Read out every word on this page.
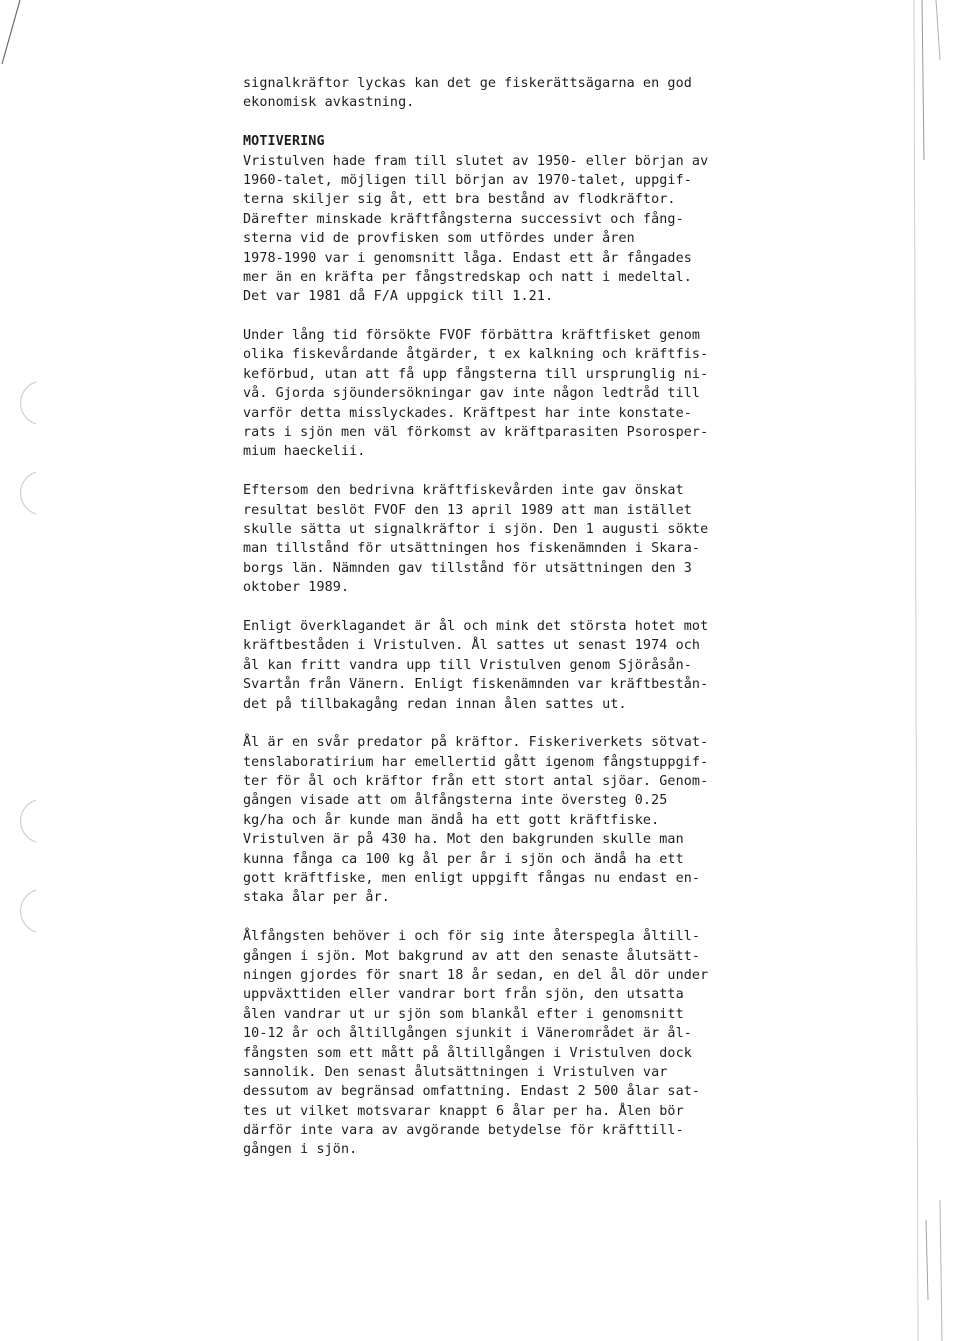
signalkräftor lyckas kan det ge fiskerättsägarna en god
ekonomisk avkastning.
MOTIVERING
Vristulven hade fram till slutet av 1950- eller början av
1960-talet, möjligen till början av 1970-talet, uppgif-
terna skiljer sig åt, ett bra bestånd av flodkräftor.
Därefter minskade kräftfångsterna successivt och fång-
sterna vid de provfisken som utfördes under åren
1978-1990 var i genomsnitt låga. Endast ett år fångades
mer än en kräfta per fångstredskap och natt i medeltal.
Det var 1981 då F/A uppgick till 1.21.
Under lång tid försökte FVOF förbättra kräftfisket genom
olika fiskevårdande åtgärder, t ex kalkning och kräftfis-
keförbud, utan att få upp fångsterna till ursprunglig ni-
vå. Gjorda sjöundersökningar gav inte någon ledtråd till
varför detta misslyckades. Kräftpest har inte konstate-
rats i sjön men väl förkomst av kräftparasiten Psorosper-
mium haeckelii.
Eftersom den bedrivna kräftfiskevården inte gav önskat
resultat beslöt FVOF den 13 april 1989 att man istället
skulle sätta ut signalkräftor i sjön. Den 1 augusti sökte
man tillstånd för utsättningen hos fiskenämnden i Skara-
borgs län. Nämnden gav tillstånd för utsättningen den 3
oktober 1989.
Enligt överklagandet är ål och mink det största hotet mot
kräftbeståden i Vristulven. Ål sattes ut senast 1974 och
ål kan fritt vandra upp till Vristulven genom Sjöråsån-
Svartån från Vänern. Enligt fiskenämnden var kräftbestån-
det på tillbakagång redan innan ålen sattes ut.
Ål är en svår predator på kräftor. Fiskeriverkets sötvat-
tenslaboratirium har emellertid gått igenom fångstuppgif-
ter för ål och kräftor från ett stort antal sjöar. Genom-
gången visade att om ålfångsterna inte översteg 0.25
kg/ha och år kunde man ändå ha ett gott kräftfiske.
Vristulven är på 430 ha. Mot den bakgrunden skulle man
kunna fånga ca 100 kg ål per år i sjön och ändå ha ett
gott kräftfiske, men enligt uppgift fångas nu endast en-
staka ålar per år.
Ålfångsten behöver i och för sig inte återspegla åltill-
gången i sjön. Mot bakgrund av att den senaste ålutsätt-
ningen gjordes för snart 18 år sedan, en del ål dör under
uppväxttiden eller vandrar bort från sjön, den utsatta
ålen vandrar ut ur sjön som blankål efter i genomsnitt
10-12 år och åltillgången sjunkit i Vänerområdet är ål-
fångsten som ett mått på åltillgången i Vristulven dock
sannolik. Den senast ålutsättningen i Vristulven var
dessutom av begränsad omfattning. Endast 2 500 ålar sat-
tes ut vilket motsvarar knappt 6 ålar per ha. Ålen bör
därför inte vara av avgörande betydelse för kräfttill-
gången i sjön.
